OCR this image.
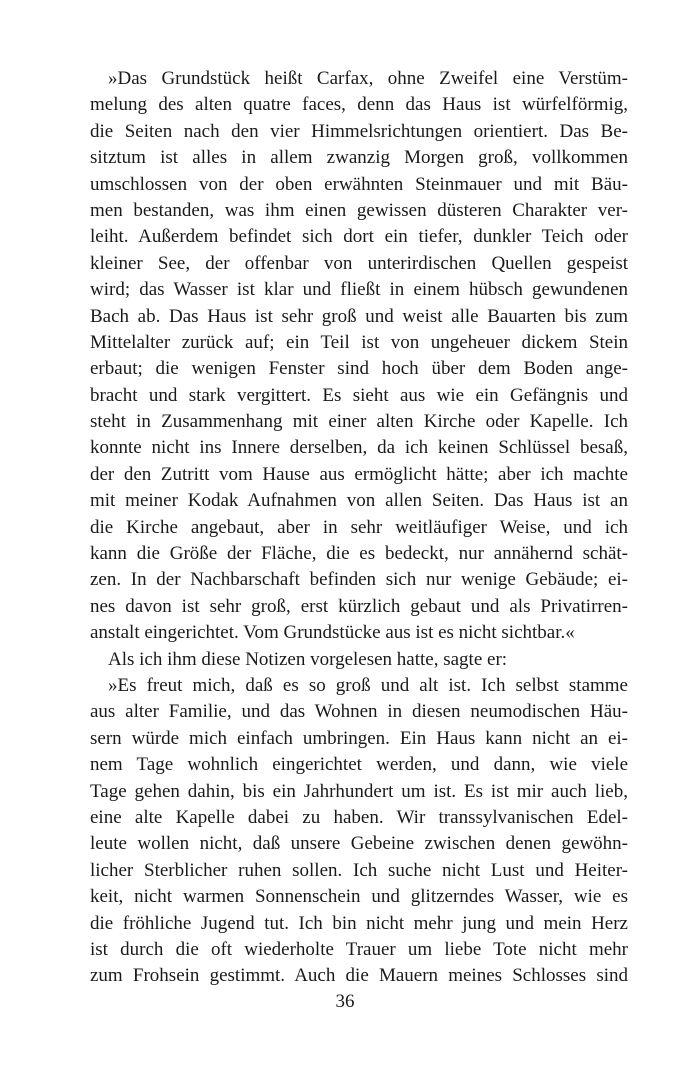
»Das Grundstück heißt Carfax, ohne Zweifel eine Verstüm-
melung des alten quatre faces, denn das Haus ist würfelförmig,
die Seiten nach den vier Himmelsrichtungen orientiert. Das Be-
sitztum ist alles in allem zwanzig Morgen groß, vollkommen
umschlossen von der oben erwähnten Steinmauer und mit Bäu-
men bestanden, was ihm einen gewissen düsteren Charakter ver-
leiht. Außerdem befindet sich dort ein tiefer, dunkler Teich oder
kleiner See, der offenbar von unterirdischen Quellen gespeist
wird; das Wasser ist klar und fließt in einem hübsch gewundenen
Bach ab. Das Haus ist sehr groß und weist alle Bauarten bis zum
Mittelalter zurück auf; ein Teil ist von ungeheuer dickem Stein
erbaut; die wenigen Fenster sind hoch über dem Boden ange-
bracht und stark vergittert. Es sieht aus wie ein Gefängnis und
steht in Zusammenhang mit einer alten Kirche oder Kapelle. Ich
konnte nicht ins Innere derselben, da ich keinen Schlüssel besaß,
der den Zutritt vom Hause aus ermöglicht hätte; aber ich machte
mit meiner Kodak Aufnahmen von allen Seiten. Das Haus ist an
die Kirche angebaut, aber in sehr weitläufiger Weise, und ich
kann die Größe der Fläche, die es bedeckt, nur annähernd schät-
zen. In der Nachbarschaft befinden sich nur wenige Gebäude; ei-
nes davon ist sehr groß, erst kürzlich gebaut und als Privatirren-
anstalt eingerichtet. Vom Grundstücke aus ist es nicht sichtbar.«
Als ich ihm diese Notizen vorgelesen hatte, sagte er:
»Es freut mich, daß es so groß und alt ist. Ich selbst stamme
aus alter Familie, und das Wohnen in diesen neumodischen Häu-
sern würde mich einfach umbringen. Ein Haus kann nicht an ei-
nem Tage wohnlich eingerichtet werden, und dann, wie viele
Tage gehen dahin, bis ein Jahrhundert um ist. Es ist mir auch lieb,
eine alte Kapelle dabei zu haben. Wir transsylvanischen Edel-
leute wollen nicht, daß unsere Gebeine zwischen denen gewöhn-
licher Sterblicher ruhen sollen. Ich suche nicht Lust und Heiter-
keit, nicht warmen Sonnenschein und glitzerndes Wasser, wie es
die fröhliche Jugend tut. Ich bin nicht mehr jung und mein Herz
ist durch die oft wiederholte Trauer um liebe Tote nicht mehr
zum Frohsein gestimmt. Auch die Mauern meines Schlosses sind
36
